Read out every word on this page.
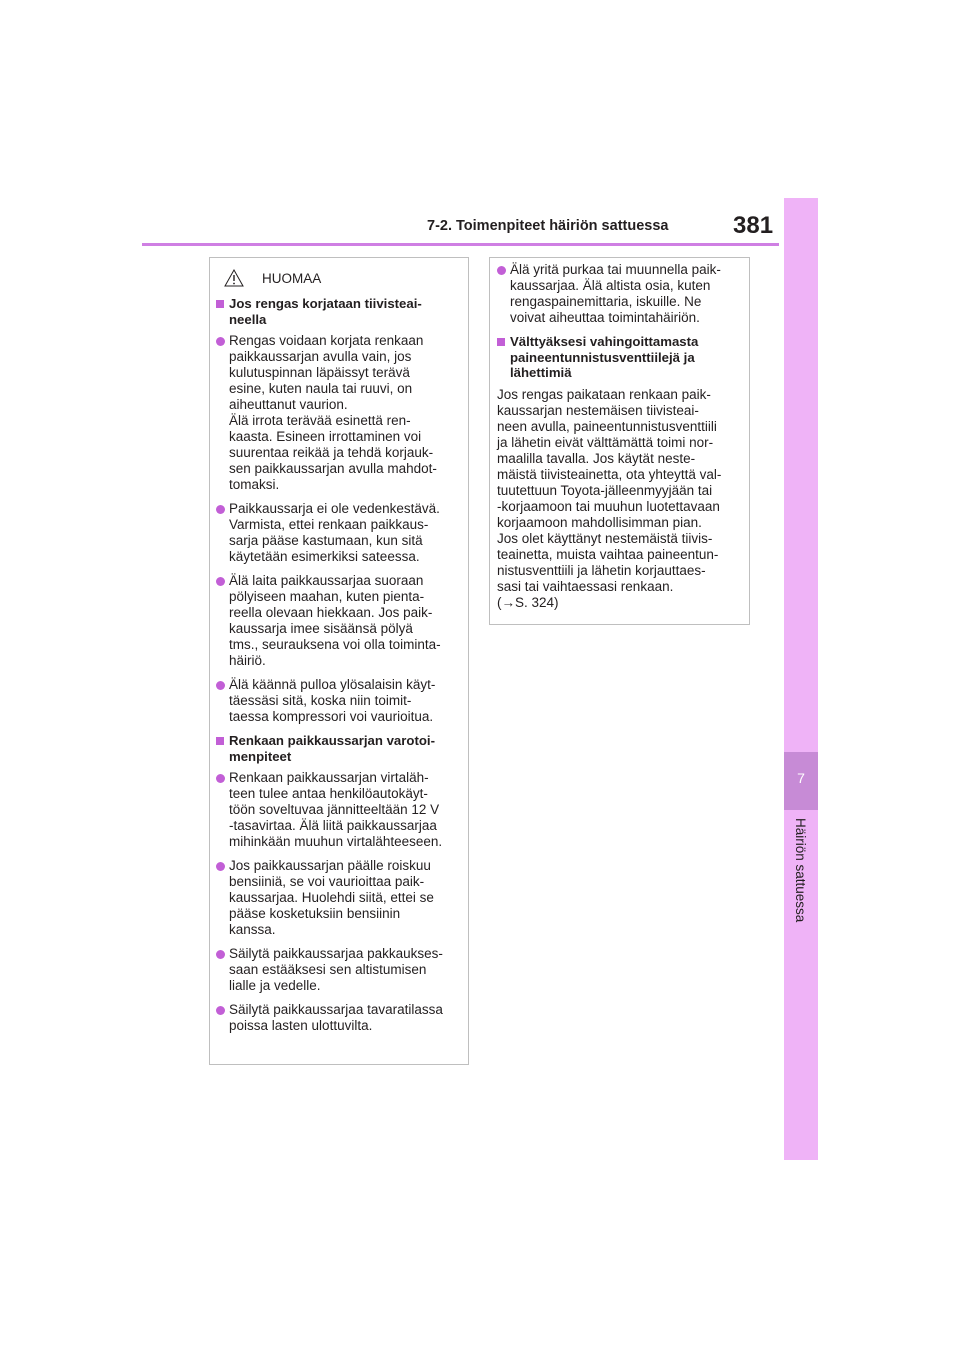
7
Häiriön sattuessa
7-2. Toimenpiteet häiriön sattuessa	381
HUOMAA
Jos rengas korjataan tiivisteai-
neella
Rengas voidaan korjata renkaan
paikkaussarjan avulla vain, jos
kulutuspinnan läpäissyt terävä
esine, kuten naula tai ruuvi, on
aiheuttanut vaurion.
Älä irrota terävää esinettä ren-
kaasta. Esineen irrottaminen voi
suurentaa reikää ja tehdä korjauk-
sen paikkaussarjan avulla mahdot-
tomaksi.
Paikkaussarja ei ole vedenkestävä.
Varmista, ettei renkaan paikkaus-
sarja pääse kastumaan, kun sitä
käytetään esimerkiksi sateessa.
Älä laita paikkaussarjaa suoraan
pölyiseen maahan, kuten pienta-
reella olevaan hiekkaan. Jos paik-
kaussarja imee sisäänsä pölyä
tms., seurauksena voi olla toiminta-
häiriö.
Älä käännä pulloa ylösalaisin käyt-
täessäsi sitä, koska niin toimit-
taessa kompressori voi vaurioitua.
Renkaan paikkaussarjan varotoi-
menpiteet
Renkaan paikkaussarjan virtaläh-
teen tulee antaa henkilöautokäyt-
töön soveltuvaa jännitteeltään 12 V
-tasavirtaa. Älä liitä paikkaussarjaa
mihinkään muuhun virtalähteeseen.
Jos paikkaussarjan päälle roiskuu
bensiiniä, se voi vaurioittaa paik-
kaussarjaa. Huolehdi siitä, ettei se
pääse kosketuksiin bensiinin
kanssa.
Säilytä paikkaussarjaa pakkaukses-
saan estääksesi sen altistumisen
lialle ja vedelle.
Säilytä paikkaussarjaa tavaratilassa
poissa lasten ulottuvilta.
Älä yritä purkaa tai muunnella paik-
kaussarjaa. Älä altista osia, kuten
rengaspainemittaria, iskuille. Ne
voivat aiheuttaa toimintahäiriön.
Välttyäksesi vahingoittamasta
paineentunnistusventtiilejä ja
lähettimiä
Jos rengas paikataan renkaan paik-
kaussarjan nestemäisen tiivisteai-
neen avulla, paineentunnistusventtiili
ja lähetin eivät välttämättä toimi nor-
maalilla tavalla. Jos käytät neste-
mäistä tiivisteainetta, ota yhteyttä val-
tuutettuun Toyota-jälleenmyyjään tai
-korjaamoon tai muuhun luotettavaan
korjaamoon mahdollisimman pian.
Jos olet käyttänyt nestemäistä tiivis-
teainetta, muista vaihtaa paineentun-
nistusventtiili ja lähetin korjauttaes-
sasi tai vaihtaessasi renkaan.
(→S. 324)
